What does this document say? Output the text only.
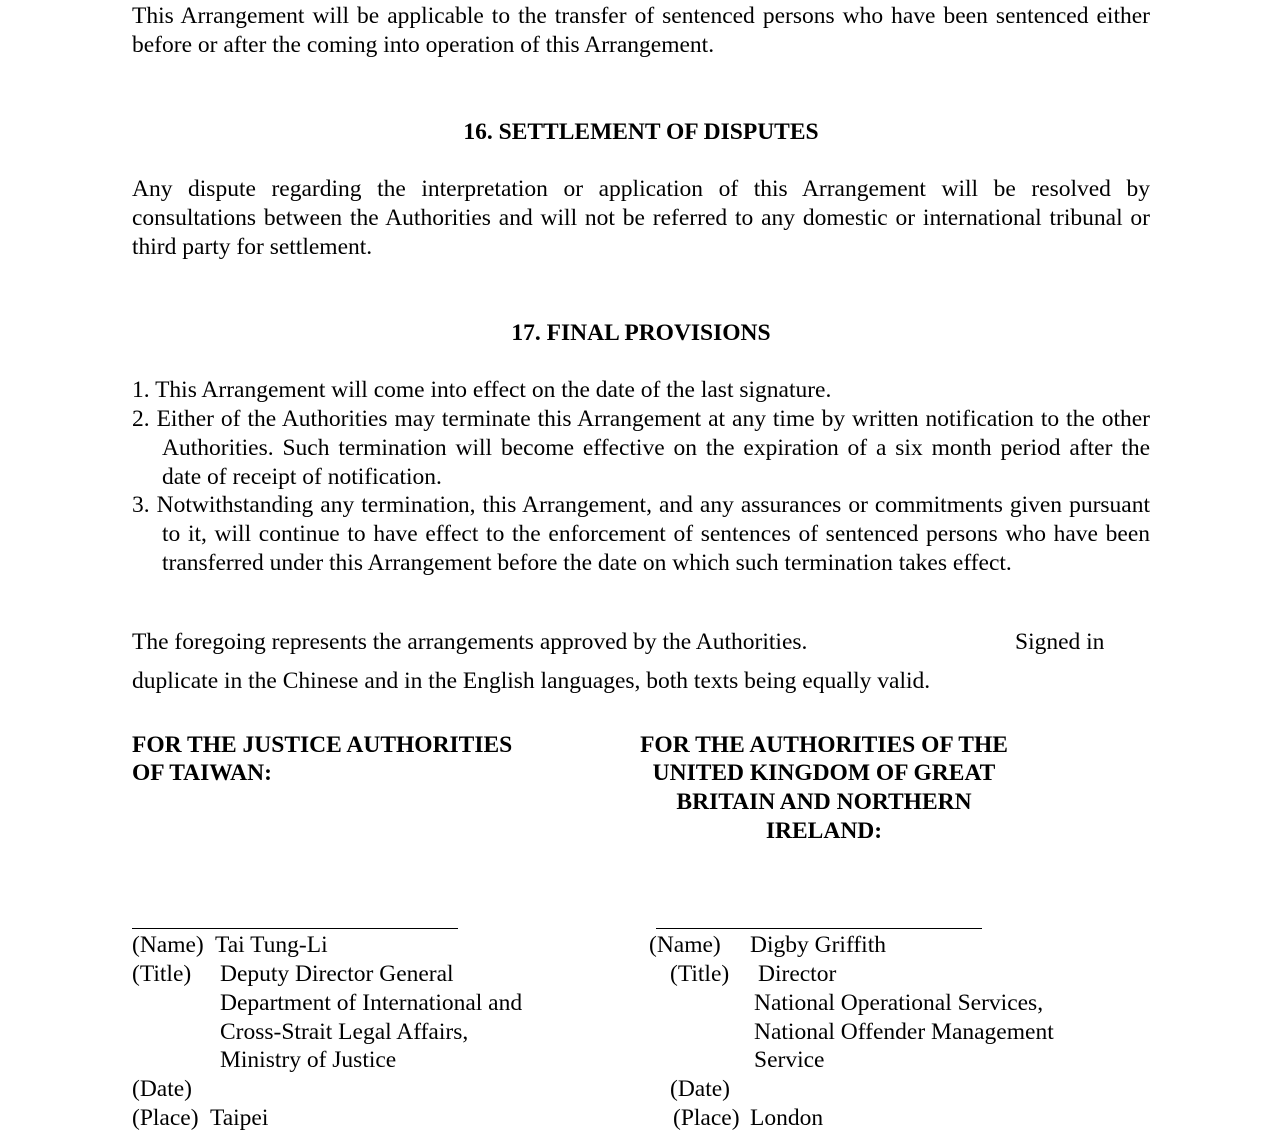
This Arrangement will be applicable to the transfer of sentenced persons who have been sentenced either before or after the coming into operation of this Arrangement.
16. SETTLEMENT OF DISPUTES
Any dispute regarding the interpretation or application of this Arrangement will be resolved by consultations between the Authorities and will not be referred to any domestic or international tribunal or third party for settlement.
17. FINAL PROVISIONS
1. This Arrangement will come into effect on the date of the last signature.
2. Either of the Authorities may terminate this Arrangement at any time by written notification to the other Authorities. Such termination will become effective on the expiration of a six month period after the date of receipt of notification.
3. Notwithstanding any termination, this Arrangement, and any assurances or commitments given pursuant to it, will continue to have effect to the enforcement of sentences of sentenced persons who have been transferred under this Arrangement before the date on which such termination takes effect.
The foregoing represents the arrangements approved by the Authorities.	Signed in
duplicate in the Chinese and in the English languages, both texts being equally valid.
FOR THE JUSTICE AUTHORITIES
OF TAIWAN:
(Name) Tai Tung-Li
(Title) Deputy Director General
Department of International and
Cross-Strait Legal Affairs,
Ministry of Justice
(Date)
(Place) Taipei
FOR THE AUTHORITIES OF THE
UNITED KINGDOM OF GREAT
BRITAIN AND NORTHERN
IRELAND:
(Name) Digby Griffith
(Title) Director
National Operational Services,
National Offender Management
Service
(Date)
(Place) London
